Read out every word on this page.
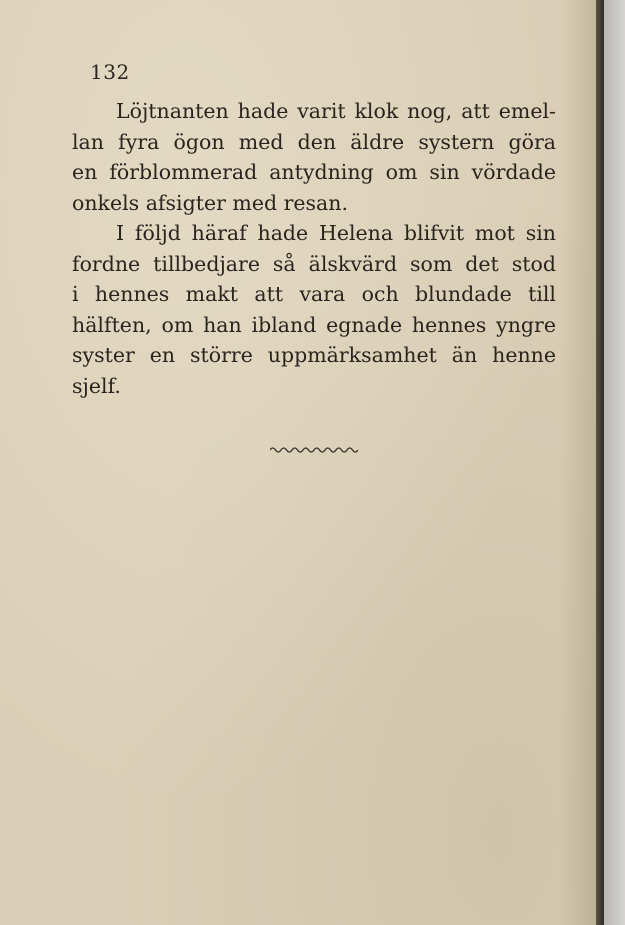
132
Löjtnanten hade varit klok nog, att emel-
lan fyra ögon med den äldre systern göra
en förblommerad antydning om sin vördade
onkels afsigter med resan.
I följd häraf hade Helena blifvit mot sin
fordne tillbedjare så älskvärd som det stod
i hennes makt att vara och blundade till
hälften, om han ibland egnade hennes yngre
syster en större uppmärksamhet än henne
sjelf.
